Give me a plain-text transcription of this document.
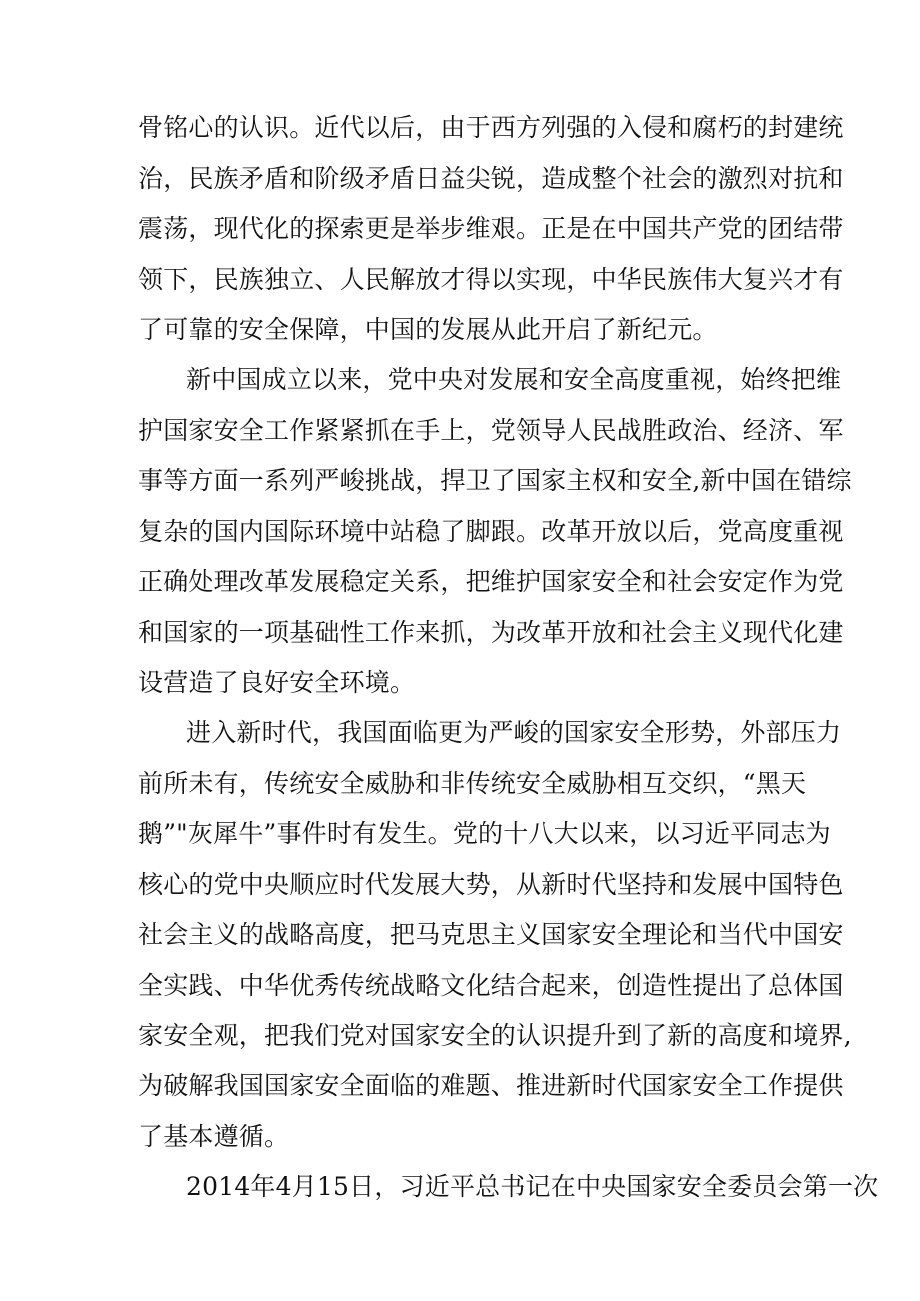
骨铭心的认识。近代以后，由于西方列强的入侵和腐朽的封建统
治，民族矛盾和阶级矛盾日益尖锐，造成整个社会的激烈对抗和
震荡，现代化的探索更是举步维艰。正是在中国共产党的团结带
领下，民族独立、人民解放才得以实现，中华民族伟大复兴才有
了可靠的安全保障，中国的发展从此开启了新纪元。
新中国成立以来，党中央对发展和安全高度重视，始终把维
护国家安全工作紧紧抓在手上，党领导人民战胜政治、经济、军
事等方面一系列严峻挑战，捍卫了国家主权和安全,新中国在错综
复杂的国内国际环境中站稳了脚跟。改革开放以后，党高度重视
正确处理改革发展稳定关系，把维护国家安全和社会安定作为党
和国家的一项基础性工作来抓，为改革开放和社会主义现代化建
设营造了良好安全环境。
进入新时代，我国面临更为严峻的国家安全形势，外部压力
前所未有，传统安全威胁和非传统安全威胁相互交织，“黑天
鹅”"灰犀牛”事件时有发生。党的十八大以来，以习近平同志为
核心的党中央顺应时代发展大势，从新时代坚持和发展中国特色
社会主义的战略高度，把马克思主义国家安全理论和当代中国安
全实践、中华优秀传统战略文化结合起来，创造性提出了总体国
家安全观，把我们党对国家安全的认识提升到了新的高度和境界,
为破解我国国家安全面临的难题、推进新时代国家安全工作提供
了基本遵循。
2014年4月15日，习近平总书记在中央国家安全委员会第一次
